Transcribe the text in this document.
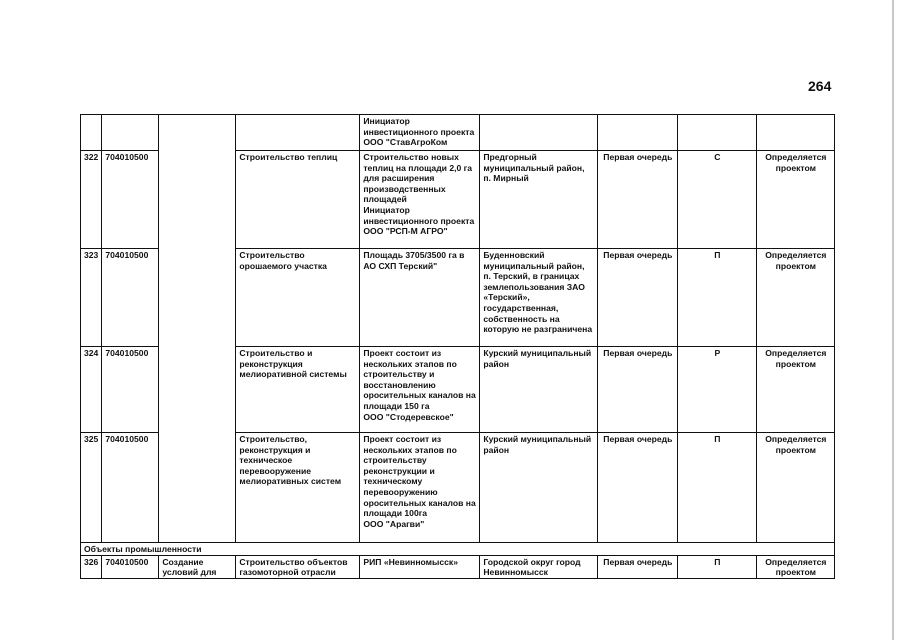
264
				Инициатор
инвестиционного проекта
ООО "СтавАгроКом				
322	704010500		Строительство теплиц	Строительство новых теплиц на площади 2,0 га для расширения производственных площадей
Инициатор инвестиционного проекта ООО "РСП-М АГРО"	Предгорный муниципальный район, п. Мирный	Первая очередь	С	Определяется проектом
323	704010500		Строительство орошаемого участка	Площадь 3705/3500 га в АО СХП Терский"	Буденновский муниципальный район, п. Терский, в границах землепользования ЗАО «Терский», государственная, собственность на которую не разграничена	Первая очередь	П	Определяется проектом
324	704010500		Строительство и реконструкция мелиоративной системы	Проект состоит из нескольких этапов по строительству и восстановлению оросительных каналов на площади 150 га
ООО "Стодеревское"	Курский муниципальный район	Первая очередь	Р	Определяется проектом
325	704010500		Строительство, реконструкция и техническое перевооружение мелиоративных систем	Проект состоит из нескольких этапов по строительству реконструкции и техническому перевооружению оросительных каналов на площади 100га
ООО "Арагви"	Курский муниципальный район	Первая очередь	П	Определяется проектом
Объекты промышленности								
326	704010500	Создание условий для	Строительство объектов газомоторной отрасли	РИП «Невинномысск»	Городской округ город Невинномысск	Первая очередь	П	Определяется проектом
